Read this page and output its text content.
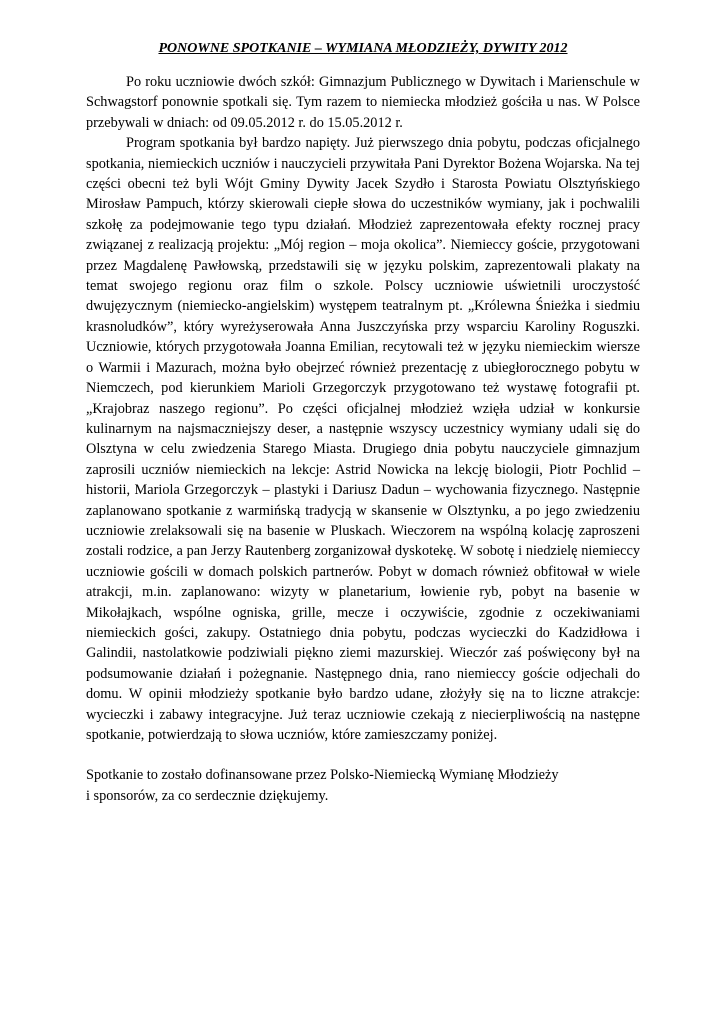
PONOWNE SPOTKANIE – WYMIANA MŁODZIEŻY, DYWITY 2012

Po roku uczniowie dwóch szkół: Gimnazjum Publicznego w Dywitach i Marienschule w Schwagstorf ponownie spotkali się. Tym razem to niemiecka młodzież gościła u nas. W Polsce przebywali w dniach: od 09.05.2012 r. do 15.05.2012 r.

Program spotkania był bardzo napięty. Już pierwszego dnia pobytu, podczas oficjalnego spotkania, niemieckich uczniów i nauczycieli przywitała Pani Dyrektor Bożena Wojarska. Na tej części obecni też byli Wójt Gminy Dywity Jacek Szydło i Starosta Powiatu Olsztyńskiego Mirosław Pampuch, którzy skierowali ciepłe słowa do uczestników wymiany, jak i pochwalili szkołę za podejmowanie tego typu działań. Młodzież zaprezentowała efekty rocznej pracy związanej z realizacją projektu: „Mój region – moja okolica”. Niemieccy goście, przygotowani przez Magdalenę Pawłowską, przedstawili się w języku polskim, zaprezentowali plakaty na temat swojego regionu oraz film o szkole. Polscy uczniowie uświetnili uroczystość dwujęzycznym (niemiecko-angielskim) występem teatralnym pt. „Królewna Śnieżka i siedmiu krasnoludków”, który wyreżyserowała Anna Juszczyńska przy wsparciu Karoliny Roguszki. Uczniowie, których przygotowała Joanna Emilian, recytowali też w języku niemieckim wiersze o Warmii i Mazurach, można było obejrzeć również prezentację z ubiegłorocznego pobytu w Niemczech, pod kierunkiem Marioli Grzegorczyk przygotowano też wystawę fotografii pt. „Krajobraz naszego regionu”. Po części oficjalnej młodzież wzięła udział w konkursie kulinarnym na najsmaczniejszy deser, a następnie wszyscy uczestnicy wymiany udali się do Olsztyna w celu zwiedzenia Starego Miasta. Drugiego dnia pobytu nauczyciele gimnazjum zaprosili uczniów niemieckich na lekcje: Astrid Nowicka na lekcję biologii, Piotr Pochlid – historii, Mariola Grzegorczyk – plastyki i Dariusz Dadun – wychowania fizycznego. Następnie zaplanowano spotkanie z warmińską tradycją w skansenie w Olsztynku, a po jego zwiedzeniu uczniowie zrelaksowali się na basenie w Pluskach. Wieczorem na wspólną kolację zaproszeni zostali rodzice, a pan Jerzy Rautenberg zorganizował dyskotekę. W sobotę i niedzielę niemieccy uczniowie gościli w domach polskich partnerów. Pobyt w domach również obfitował w wiele atrakcji, m.in. zaplanowano: wizyty w planetarium, łowienie ryb, pobyt na basenie w Mikołajkach, wspólne ogniska, grille, mecze i oczywiście, zgodnie z oczekiwaniami niemieckich gości, zakupy. Ostatniego dnia pobytu, podczas wycieczki do Kadzidłowa i Galindii, nastolatkowie podziwiali piękno ziemi mazurskiej. Wieczór zaś poświęcony był na podsumowanie działań i pożegnanie. Następnego dnia, rano niemieccy goście odjechali do domu. W opinii młodzieży spotkanie było bardzo udane, złożyły się na to liczne atrakcje: wycieczki i zabawy integracyjne. Już teraz uczniowie czekają z niecierpliwością na następne spotkanie, potwierdzają to słowa uczniów, które zamieszczamy poniżej.

Spotkanie to zostało dofinansowane przez Polsko-Niemiecką Wymianę Młodzieży
i sponsorów, za co serdecznie dziękujemy.
